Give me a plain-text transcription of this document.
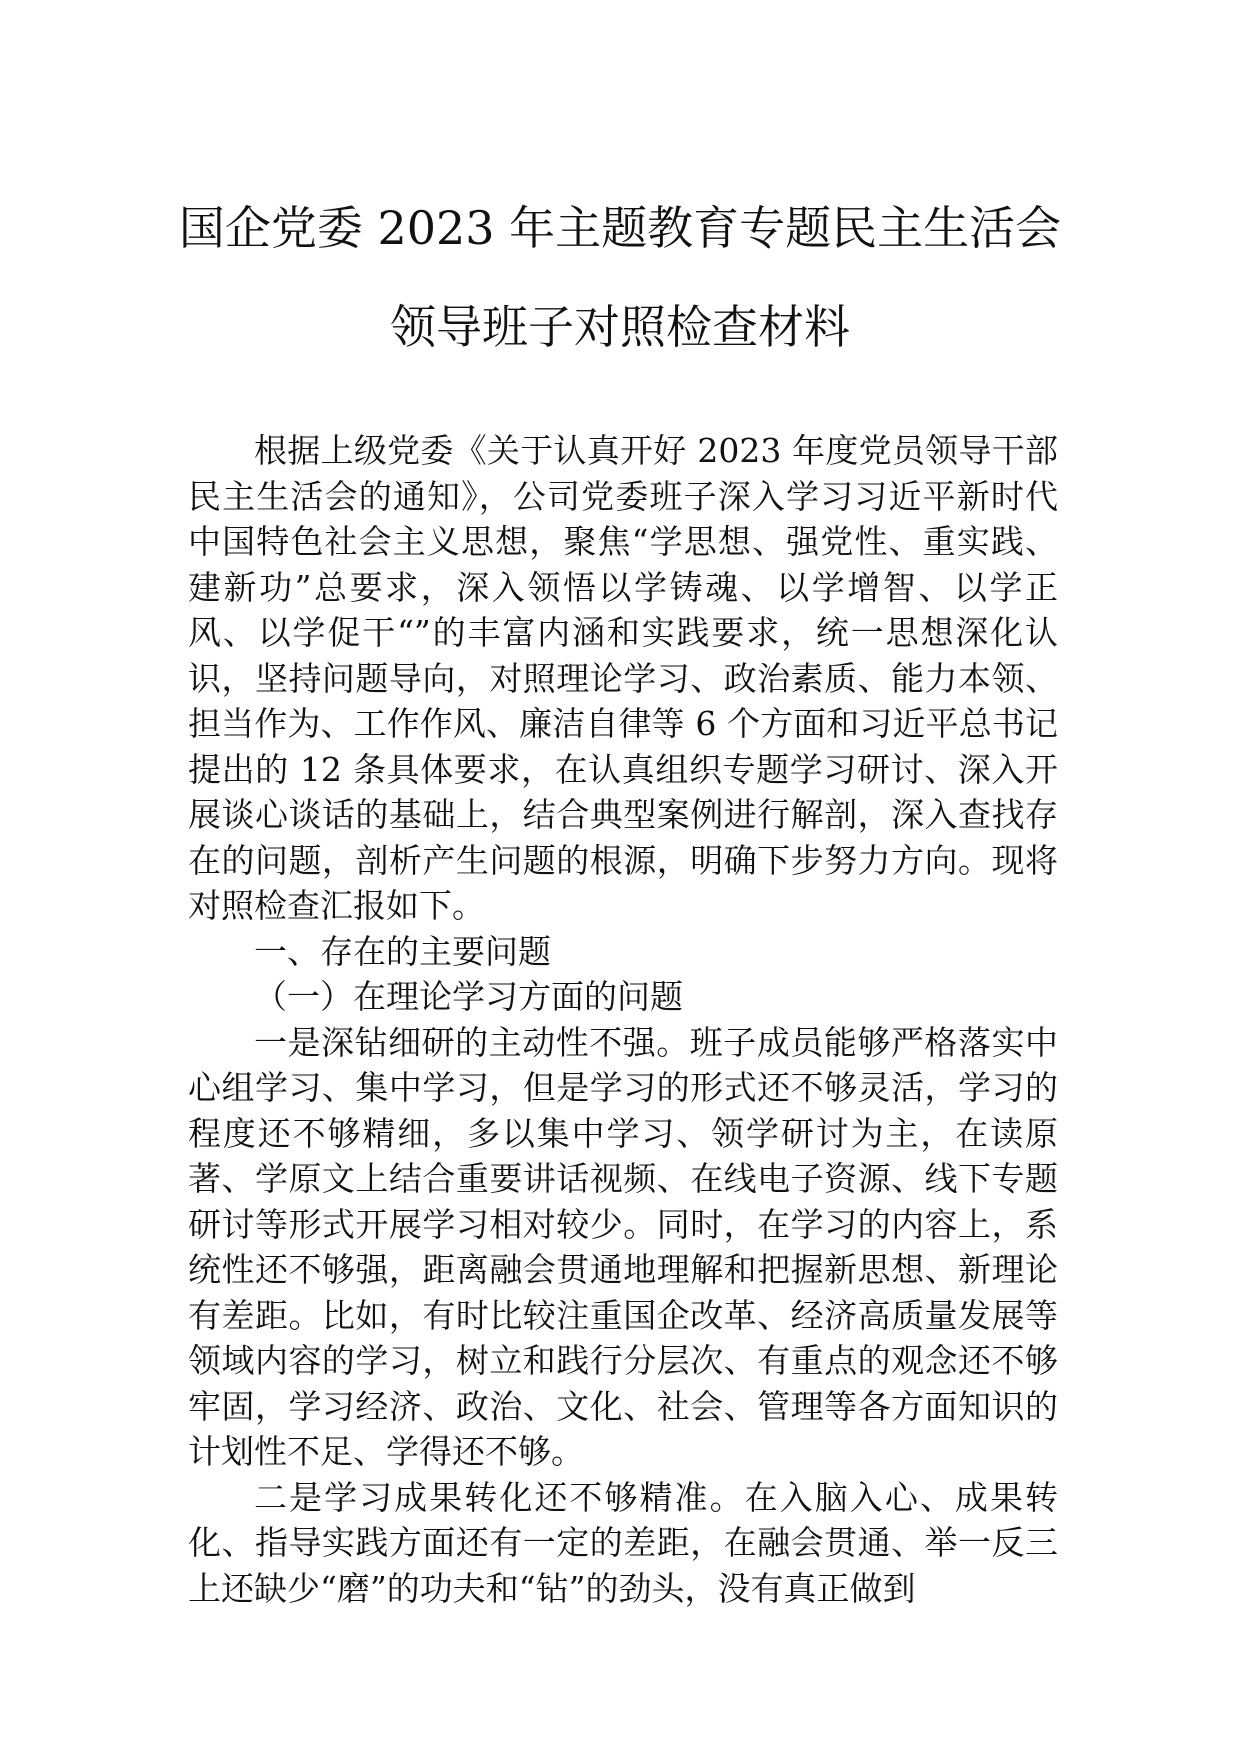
国企党委 2023 年主题教育专题民主生活会
领导班子对照检查材料

根据上级党委《关于认真开好 2023 年度党员领导干部民主生活会的通知》，公司党委班子深入学习习近平新时代中国特色社会主义思想，聚焦“学思想、强党性、重实践、建新功”总要求，深入领悟以学铸魂、以学增智、以学正风、以学促干“”的丰富内涵和实践要求，统一思想深化认识，坚持问题导向，对照理论学习、政治素质、能力本领、担当作为、工作作风、廉洁自律等 6 个方面和习近平总书记提出的 12 条具体要求，在认真组织专题学习研讨、深入开展谈心谈话的基础上，结合典型案例进行解剖，深入查找存在的问题，剖析产生问题的根源，明确下步努力方向。现将对照检查汇报如下。

一、存在的主要问题

（一）在理论学习方面的问题

一是深钻细研的主动性不强。班子成员能够严格落实中心组学习、集中学习，但是学习的形式还不够灵活，学习的程度还不够精细，多以集中学习、领学研讨为主，在读原著、学原文上结合重要讲话视频、在线电子资源、线下专题研讨等形式开展学习相对较少。同时，在学习的内容上，系统性还不够强，距离融会贯通地理解和把握新思想、新理论有差距。比如，有时比较注重国企改革、经济高质量发展等领域内容的学习，树立和践行分层次、有重点的观念还不够牢固，学习经济、政治、文化、社会、管理等各方面知识的计划性不足、学得还不够。

二是学习成果转化还不够精准。在入脑入心、成果转化、指导实践方面还有一定的差距，在融会贯通、举一反三上还缺少“磨”的功夫和“钻”的劲头，没有真正做到
